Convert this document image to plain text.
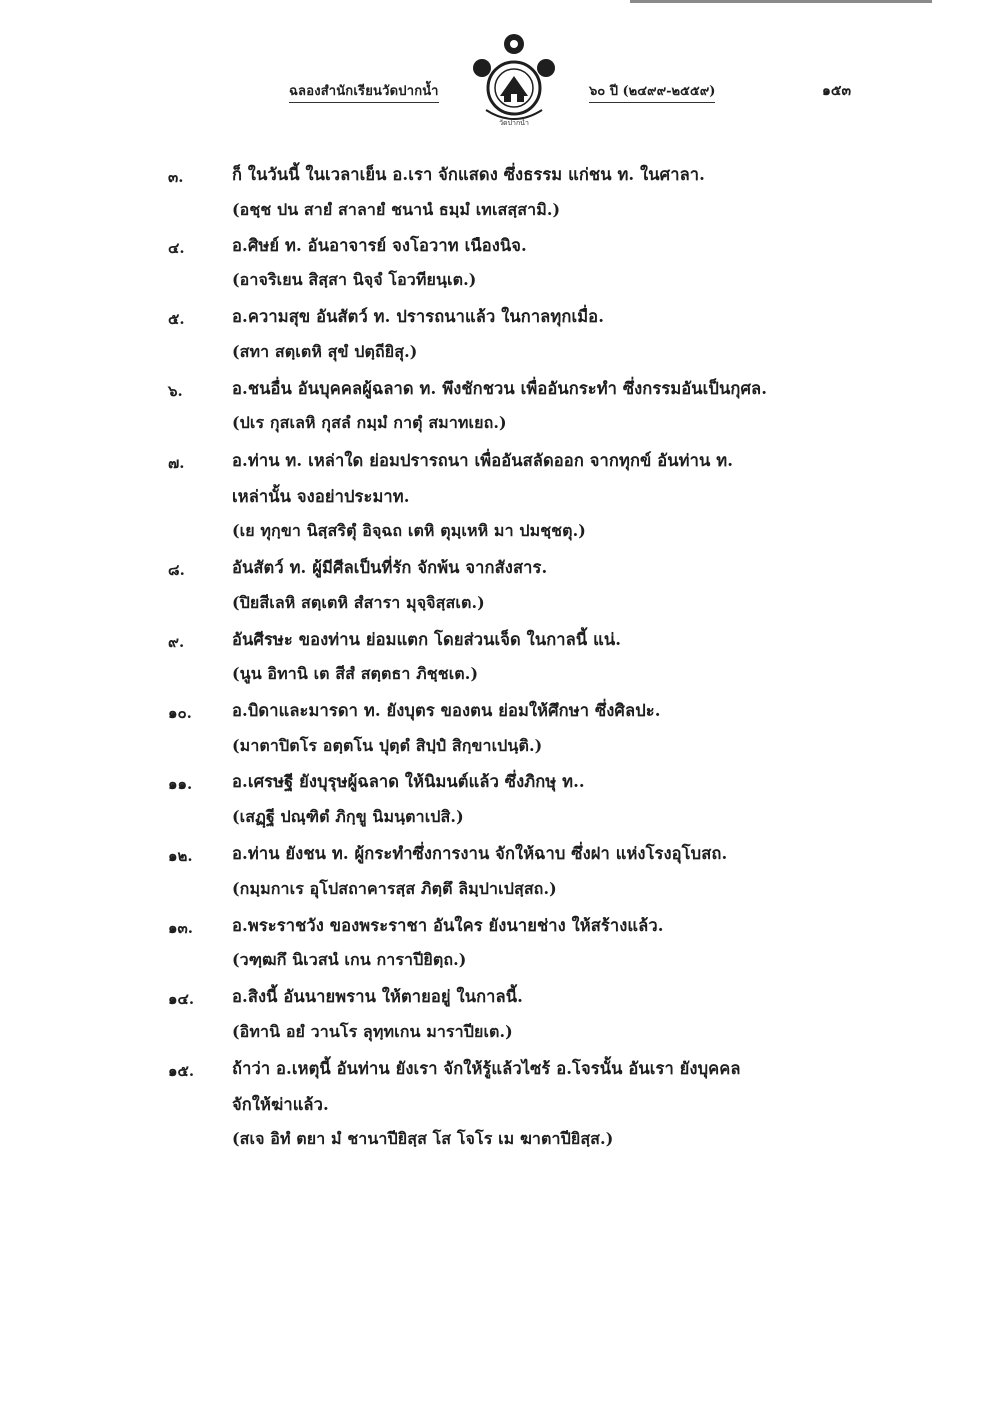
ฉลองสำนักเรียนวัดปากน้ำ
วัดปากน้ำ
๖๐ ปี (๒๔๙๙-๒๕๕๙)	๑๕๓
๓.	ก็ ในวันนี้ ในเวลาเย็น อ.เรา จักแสดง ซึ่งธรรม แก่ชน ท. ในศาลา.
(อชฺช ปน สายํ สาลายํ ชนานํ ธมฺมํ เทเสสฺสามิ.)
๔.	อ.ศิษย์ ท. อันอาจารย์ จงโอวาท เนืองนิจ.
(อาจริเยน สิสฺสา นิจฺจํ โอวทียนฺเต.)
๕.	อ.ความสุข อันสัตว์ ท. ปรารถนาแล้ว ในกาลทุกเมื่อ.
(สทา สตฺเตหิ สุขํ ปตฺถียิสุ.)
๖.	อ.ชนอื่น อันบุคคลผู้ฉลาด ท. พึงชักชวน เพื่ออันกระทำ ซึ่งกรรมอันเป็นกุศล.
(ปเร กุสเลหิ กุสลํ กมฺมํ กาตุํ สมาทเยถ.)
๗.	อ.ท่าน ท. เหล่าใด ย่อมปรารถนา เพื่ออันสลัดออก จากทุกข์ อันท่าน ท.
เหล่านั้น จงอย่าประมาท.
(เย ทุกฺขา นิสฺสริตุํ อิจฺฉถ เตหิ ตุมฺเหหิ มา ปมชฺชตุ.)
๘.	อันสัตว์ ท. ผู้มีศีลเป็นที่รัก จักพ้น จากสังสาร.
(ปิยสีเลหิ สตฺเตหิ สํสารา มุจฺจิสฺสเต.)
๙.	อันศีรษะ ของท่าน ย่อมแตก โดยส่วนเจ็ด ในกาลนี้ แน่.
(นูน อิทานิ เต สีสํ สตฺตธา ภิชฺชเต.)
๑๐. อ.บิดาและมารดา ท. ยังบุตร ของตน ย่อมให้ศึกษา ซึ่งศิลปะ.
(มาตาปิตโร อตฺตโน ปุตฺตํ สิปฺปํ สิกฺขาเปนฺติ.)
๑๑. อ.เศรษฐี ยังบุรุษผู้ฉลาด ให้นิมนต์แล้ว ซึ่งภิกษุ ท..
(เสฏฺฐี ปณฺฑิตํ ภิกฺขู นิมนฺตาเปสิ.)
๑๒. อ.ท่าน ยังชน ท. ผู้กระทำซึ่งการงาน จักให้ฉาบ ซึ่งฝา แห่งโรงอุโบสถ.
(กมฺมกาเร อุโปสถาคารสฺส ภิตฺตึ ลิมฺปาเปสฺสถ.)
๑๓. อ.พระราชวัง ของพระราชา อันใคร ยังนายช่าง ให้สร้างแล้ว.
(วฑฺฒกึ นิเวสนํ เกน การาปียิตฺถ.)
๑๔. อ.สิงนี้ อันนายพราน ให้ตายอยู่ ในกาลนี้.
(อิทานิ อยํ วานโร ลุทฺทเกน มาราปียเต.)
๑๕. ถ้าว่า อ.เหตุนี้ อันท่าน ยังเรา จักให้รู้แล้วไซร้ อ.โจรนั้น อันเรา ยังบุคคล
จักให้ฆ่าแล้ว.
(สเจ อิทํ ตยา มํ ชานาปียิสฺส โส โจโร เม ฆาตาปียิสฺส.)
